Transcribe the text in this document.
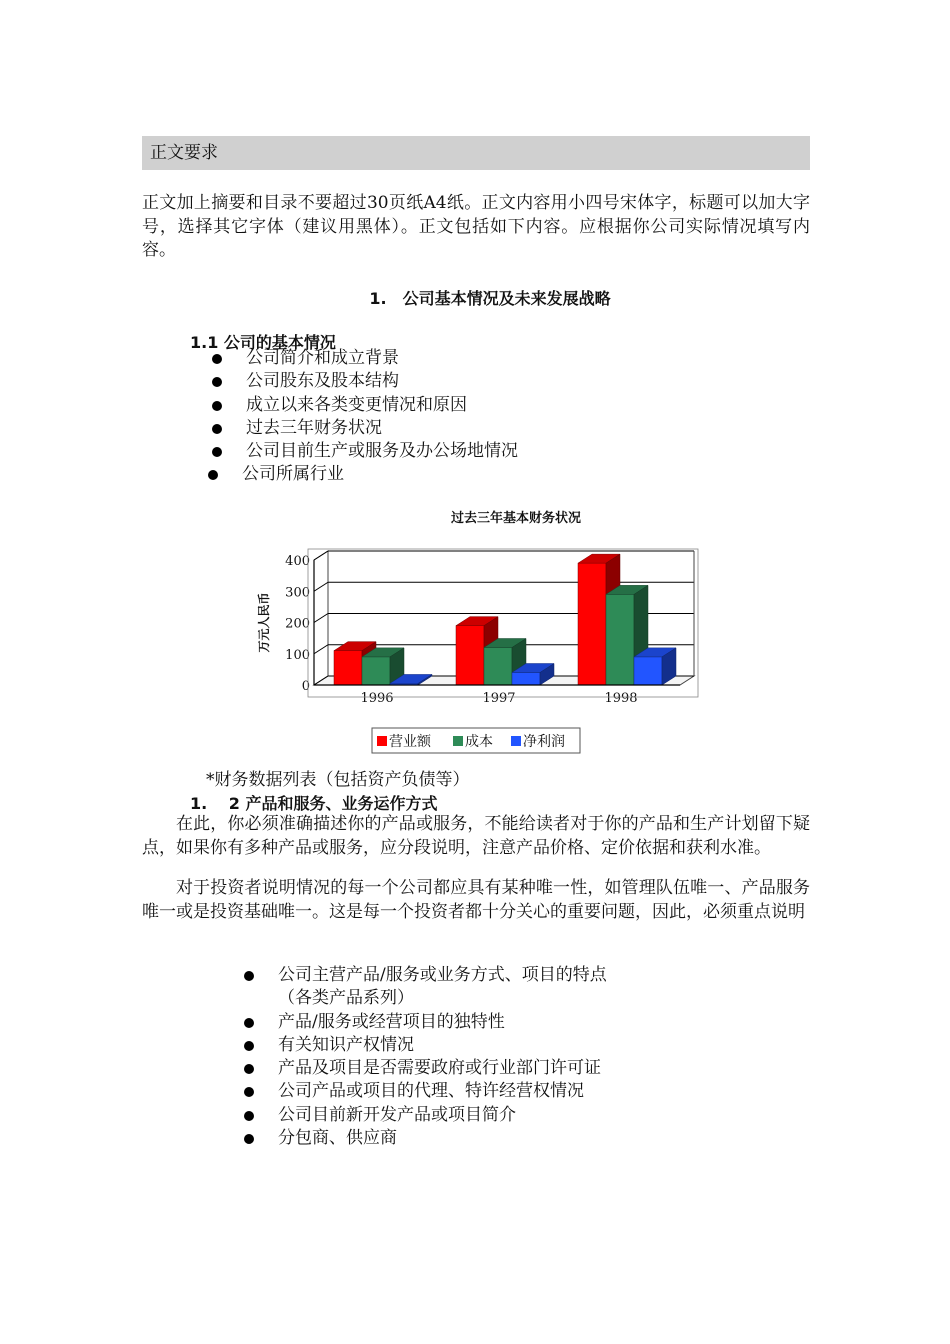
正文要求

正文加上摘要和目录不要超过30页纸A4纸。正文内容用小四号宋体字，标题可以加大字号，选择其它字体（建议用黑体）。正文包括如下内容。应根据你公司实际情况填写内容。

1.　公司基本情况及未来发展战略

1.1 公司的基本情况

公司简介和成立背景
公司股东及股本结构
成立以来各类变更情况和原因
过去三年财务状况
公司目前生产或服务及办公场地情况
公司所属行业
过去三年基本财务状况
0
100
200
300
400
万元人民币
1996	1997	1998
营业额 成本 净利润
*财务数据列表（包括资产负债等）

1.　 2 产品和服务、业务运作方式

在此，你必须准确描述你的产品或服务，不能给读者对于你的产品和生产计划留下疑点，如果你有多种产品或服务，应分段说明，注意产品价格、定价依据和获利水准。

对于投资者说明情况的每一个公司都应具有某种唯一性，如管理队伍唯一、产品服务唯一或是投资基础唯一。这是每一个投资者都十分关心的重要问题，因此，必须重点说明

公司主营产品/服务或业务方式、项目的特点
（各类产品系列）
产品/服务或经营项目的独特性
有关知识产权情况
产品及项目是否需要政府或行业部门许可证
公司产品或项目的代理、特许经营权情况
公司目前新开发产品或项目简介
分包商、供应商
